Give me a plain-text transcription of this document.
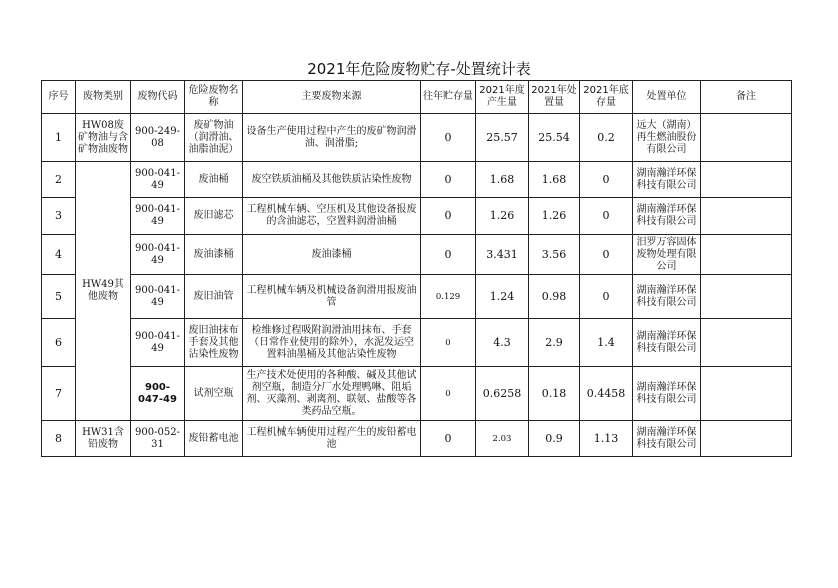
2021年危险废物贮存-处置统计表
序号	废物类别	废物代码	危险废物名称	主要废物来源	往年贮存量	2021年度产生量	2021年处置量	2021年底存量	处置单位	备注
1	HW08废矿物油与含矿物油废物	900-249-08	废矿物油（润滑油、油脂油泥）	设备生产使用过程中产生的废矿物润滑油、润滑脂;	0	25.57	25.54	0.2	远大（湖南）再生燃油股份有限公司	
2	HW49其他废物	900-041-49	废油桶	废空铁质油桶及其他铁质沾染性废物	0	1.68	1.68	0	湖南瀚洋环保科技有限公司	
3		900-041-49	废旧滤芯	工程机械车辆、空压机及其他设备报废的含油滤芯，空置料润滑油桶	0	1.26	1.26	0	湖南瀚洋环保科技有限公司	
4		900-041-49	废油漆桶	废油漆桶	0	3.431	3.56	0	汨罗万容固体废物处理有限公司	
5		900-041-49	废旧油管	工程机械车辆及机械设备润滑用报废油管	0.129	1.24	0.98	0	湖南瀚洋环保科技有限公司	
6		900-041-49	废旧油抹布手套及其他沾染性废物	检维修过程吸附润滑油用抹布、手套（日常作业使用的除外），水泥发运空置料油墨桶及其他沾染性废物	0	4.3	2.9	1.4	湖南瀚洋环保科技有限公司	
7		900-047-49	试剂空瓶	生产技术处使用的各种酸、碱及其他试剂空瓶，制造分厂水处理鸭啉、阻垢剂、灭藻剂、剥离剂、联氨、盐酸等各类药品空瓶。	0	0.6258	0.18	0.4458	湖南瀚洋环保科技有限公司	
8	HW31含铅废物	900-052-31	废铅蓄电池	工程机械车辆使用过程产生的废铅蓄电池	0	2.03	0.9	1.13	湖南瀚洋环保科技有限公司	
